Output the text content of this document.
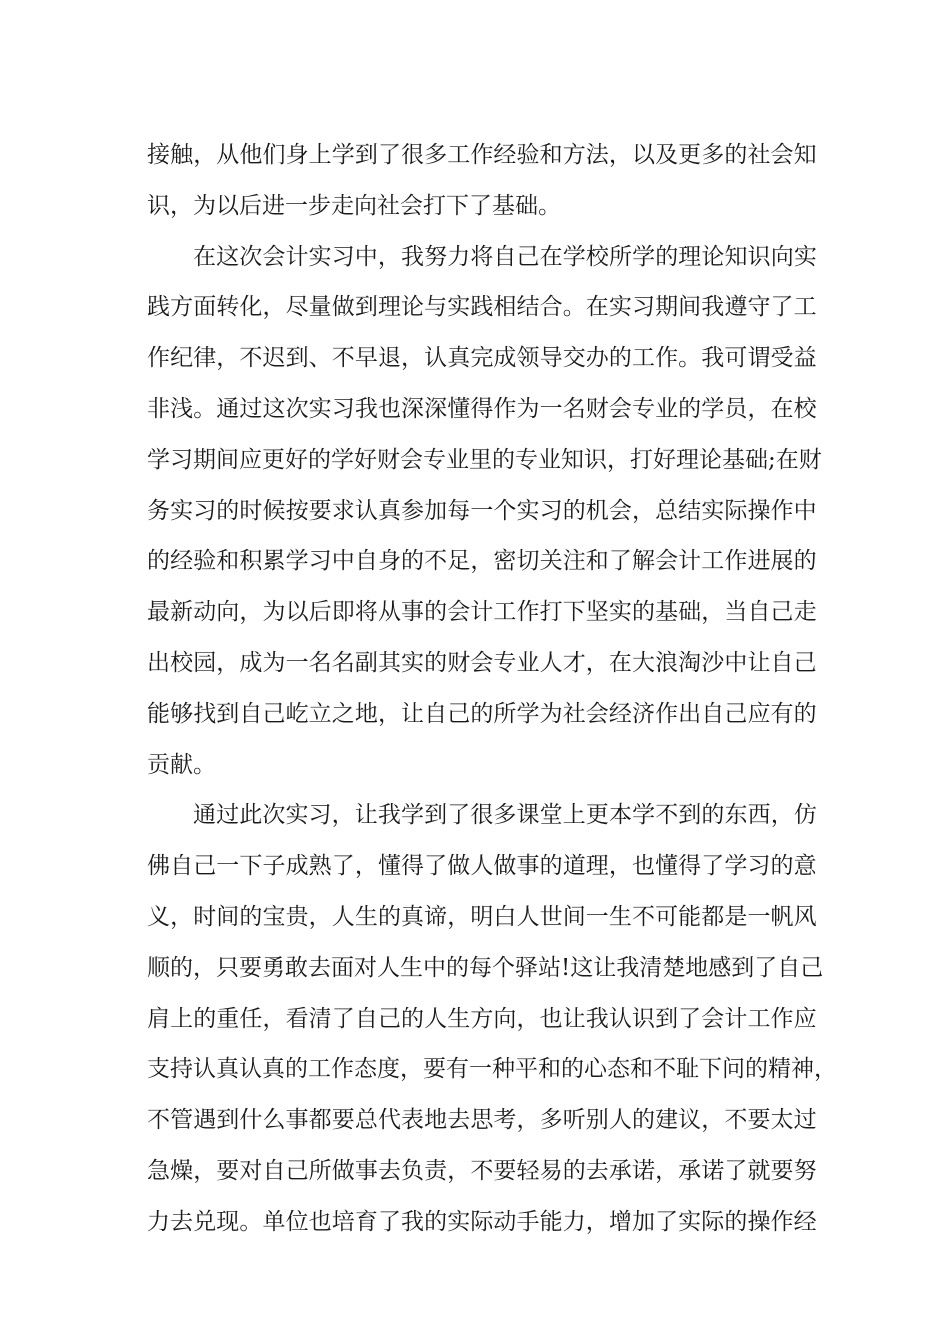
接 触 ， 从 他 们 身 上 学 到 了 很 多 工 作 经 验 和 方 法 ， 以 及 更 多 的 社 会 知
识，为以后进一步走向社会打下了基础。
在 这 次 会 计 实 习 中 ， 我 努 力 将 自 己 在 学 校 所 学 的 理 论 知 识 向 实
践 方 面 转 化 ， 尽 量 做 到 理 论 与 实 践 相 结 合 。 在 实 习 期 间 我 遵 守 了 工
作 纪 律 ， 不 迟 到 、 不 早 退 ， 认 真 完 成 领 导 交 办 的 工 作 。 我 可 谓 受 益
非 浅 。 通 过 这 次 实 习 我 也 深 深 懂 得 作 为 一 名 财 会 专 业 的 学 员 ， 在 校
学 习 期 间 应 更 好 的 学 好 财 会 专 业 里 的 专 业 知 识 ， 打 好 理 论 基 础 ; 在 财
务 实 习 的 时 候 按 要 求 认 真 参 加 每 一 个 实 习 的 机 会 ， 总 结 实 际 操 作 中
的 经 验 和 积 累 学 习 中 自 身 的 不 足 ， 密 切 关 注 和 了 解 会 计 工 作 进 展 的
最 新 动 向 ， 为 以 后 即 将 从 事 的 会 计 工 作 打 下 坚 实 的 基 础 ， 当 自 己 走
出 校 园 ， 成 为 一 名 名 副 其 实 的 财 会 专 业 人 才 ， 在 大 浪 淘 沙 中 让 自 己
能 够 找 到 自 己 屹 立 之 地 ， 让 自 己 的 所 学 为 社 会 经 济 作 出 自 己 应 有 的
贡献。
通 过 此 次 实 习 ， 让 我 学 到 了 很 多 课 堂 上 更 本 学 不 到 的 东 西 ， 仿
佛 自 己 一 下 子 成 熟 了 ， 懂 得 了 做 人 做 事 的 道 理 ， 也 懂 得 了 学 习 的 意
义 ， 时 间 的 宝 贵 ， 人 生 的 真 谛 ， 明 白 人 世 间 一 生 不 可 能 都 是 一 帆 风
顺 的 ， 只 要 勇 敢 去 面 对 人 生 中 的 每 个 驿 站 ! 这 让 我 清 楚 地 感 到 了 自 己
肩 上 的 重 任 ， 看 清 了 自 己 的 人 生 方 向 ， 也 让 我 认 识 到 了 会 计 工 作 应
支 持 认 真 认 真 的 工 作 态 度 ， 要 有 一 种 平 和 的 心 态 和 不 耻 下 问 的 精 神 ，
不 管 遇 到 什 么 事 都 要 总 代 表 地 去 思 考 ， 多 听 别 人 的 建 议 ， 不 要 太 过
急 燥 ， 要 对 自 己 所 做 事 去 负 责 ， 不 要 轻 易 的 去 承 诺 ， 承 诺 了 就 要 努
力 去 兑 现 。 单 位 也 培 育 了 我 的 实 际 动 手 能 力 ， 增 加 了 实 际 的 操 作 经
